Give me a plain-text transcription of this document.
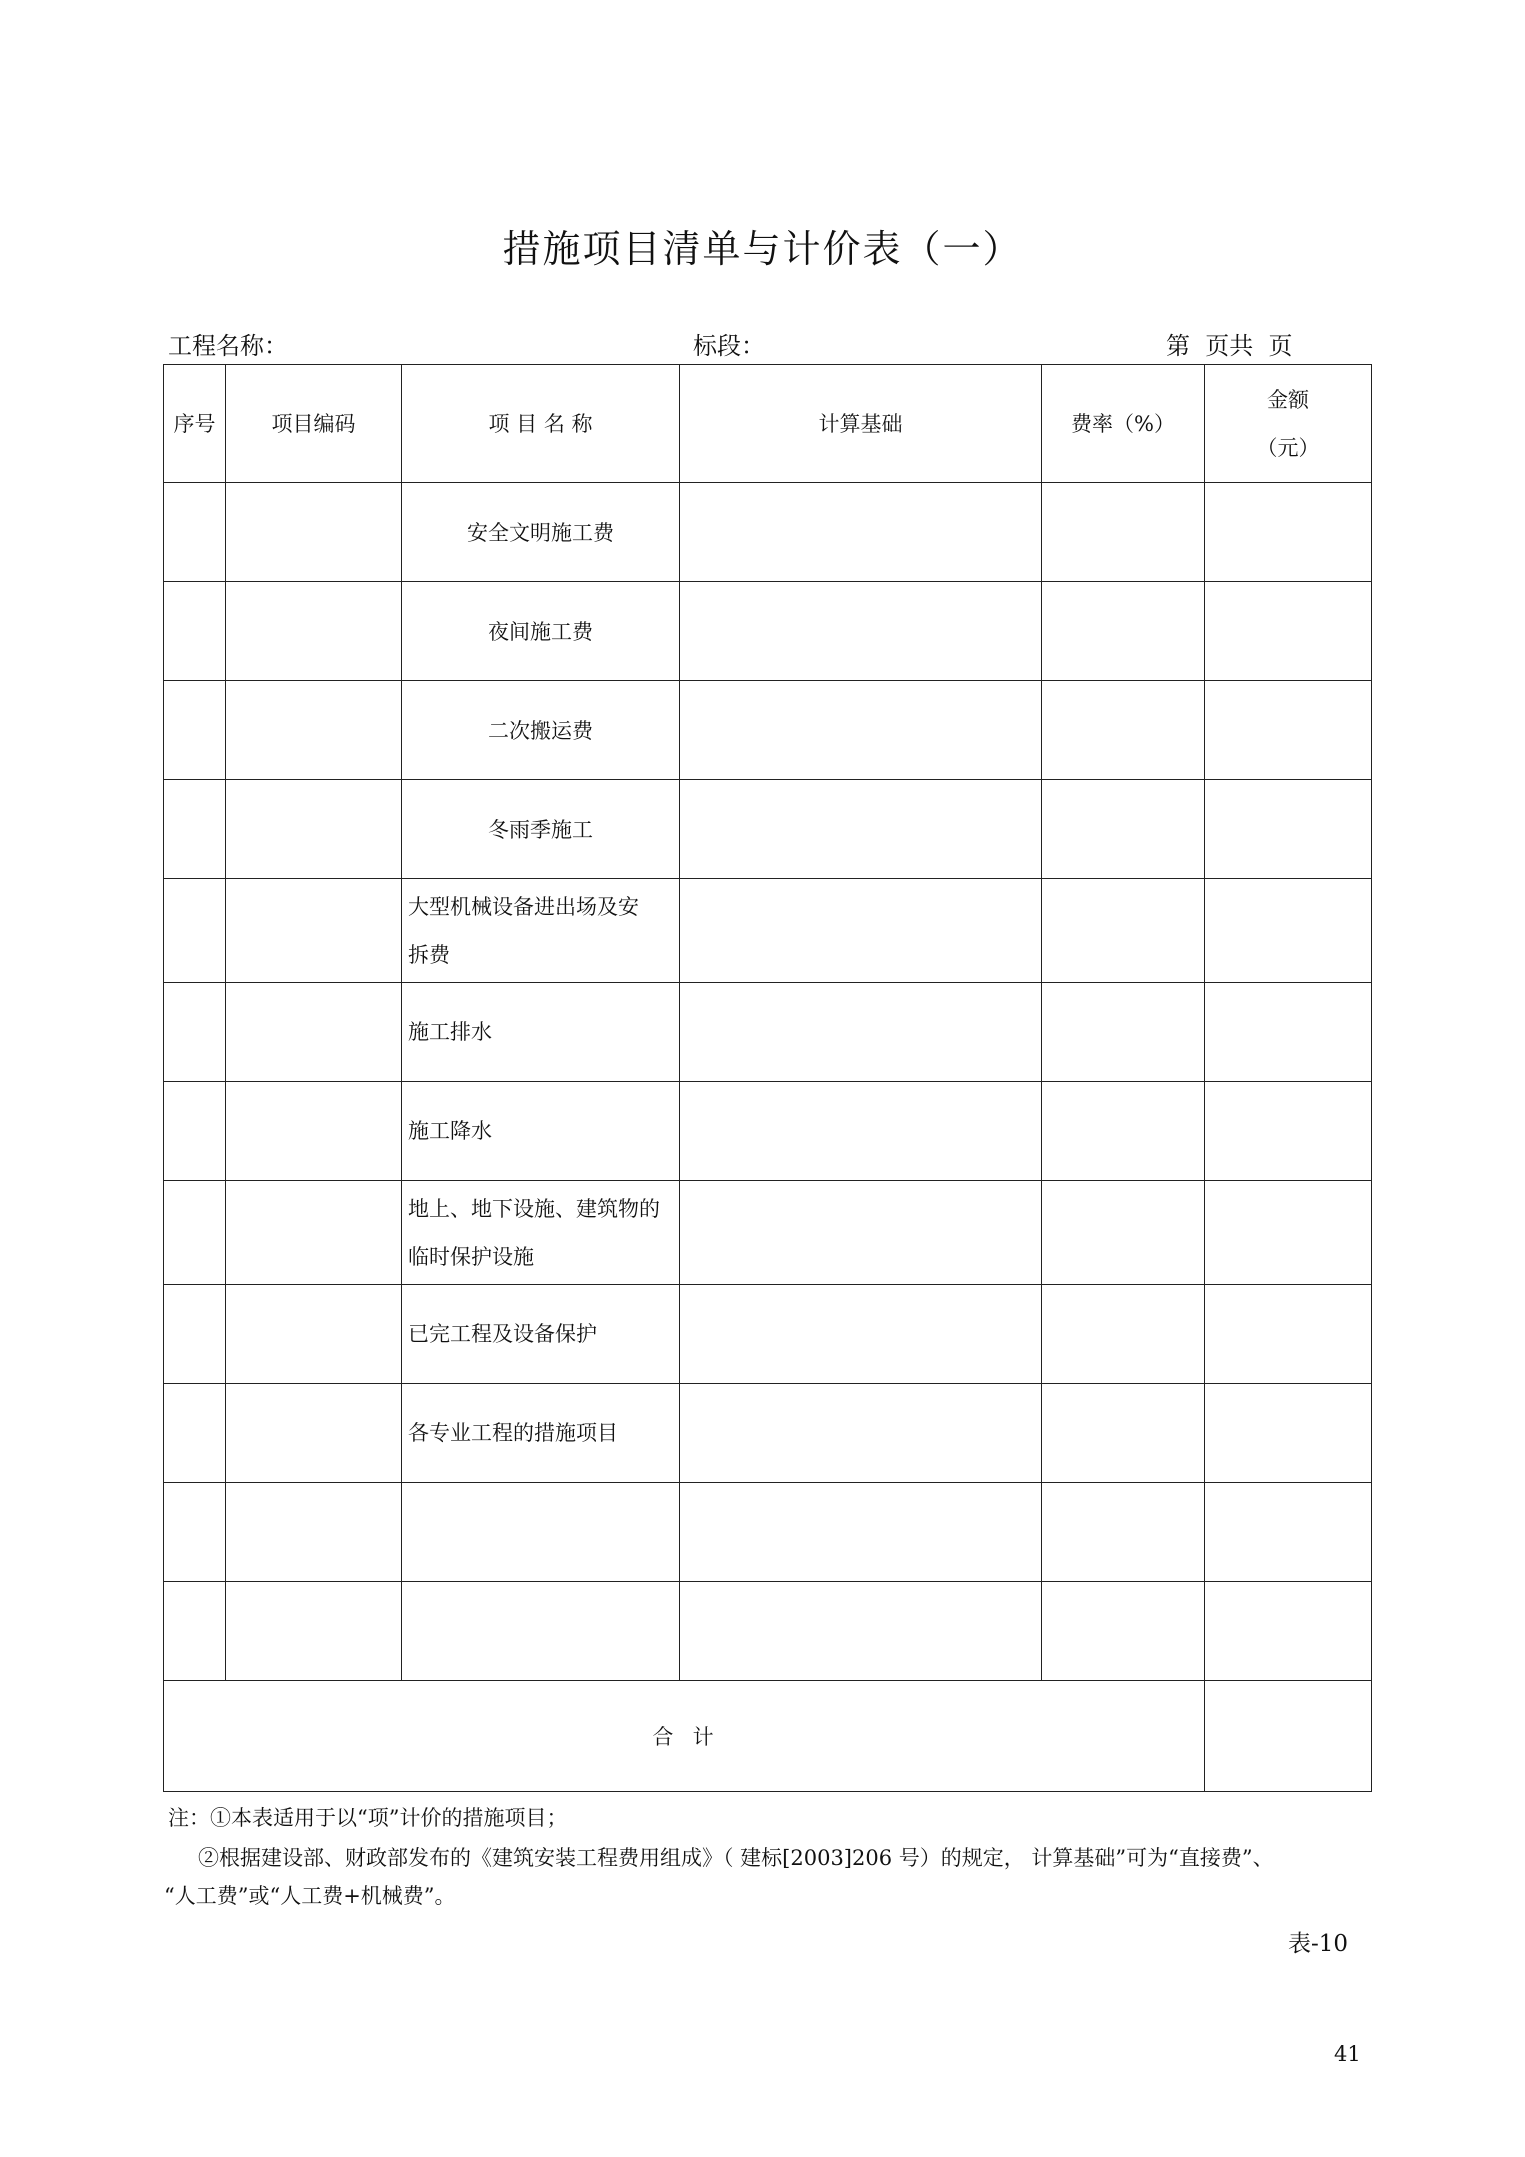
措施项目清单与计价表（一）
工程名称：	标段：	第  页共  页
序号	项目编码	项 目 名 称	计算基础	费率（%）	金额
（元）

		安全文明施工费			

		夜间施工费			

		二次搬运费			

		冬雨季施工			

		大型机械设备进出场及安
拆费			

		施工排水			

		施工降水			

		地上、地下设施、建筑物的
临时保护设施			

		已完工程及设备保护			

		各专业工程的措施项目			

合  计					
注：①本表适用于以“项”计价的措施项目；
②根据建设部、财政部发布的《建筑安装工程费用组成》（ 建标[2003]206 号）的规定， 计算基础”可为“直接费”、
“人工费”或“人工费+机械费”。
表-10
41
